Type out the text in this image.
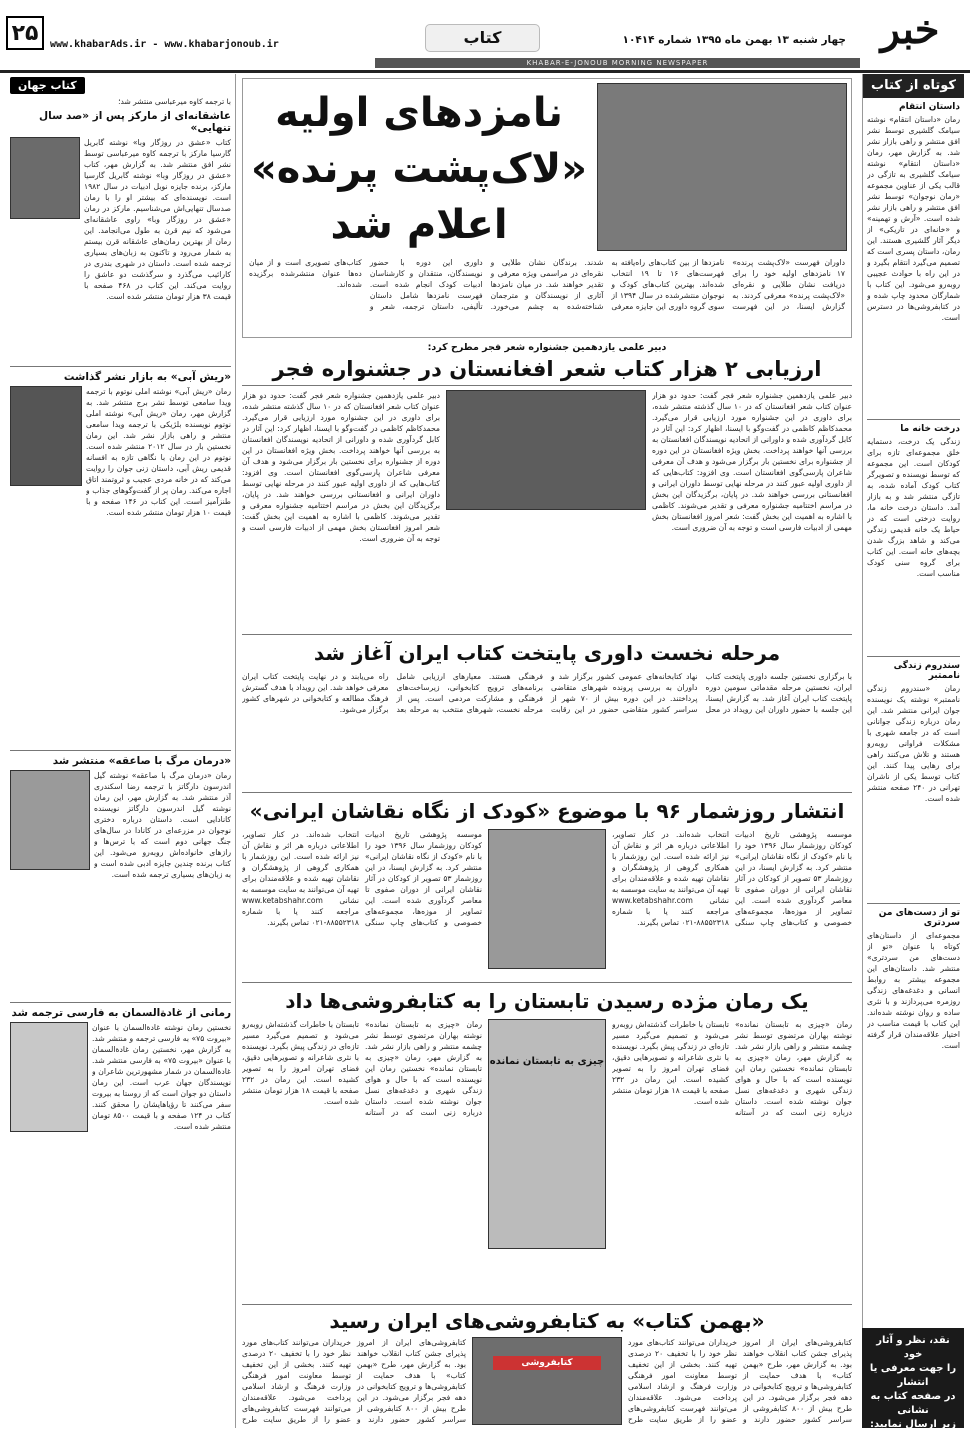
۲۵	www.khabarAds.ir - www.khabarjonoub.ir	کتاب	چهار شنبه ۱۳ بهمن ماه ۱۳۹۵ شماره ۱۰۴۱۴ خبر
KHABAR-E-JONOUB MORNING NEWSPAPER
کوتاه از کتاب
داستان انتقام
رمان «داستان انتقام» نوشته سیامک گلشیری توسط نشر افق منتشر و راهی بازار نشر شد. به گزارش مهر، رمان «داستان انتقام» نوشته سیامک گلشیری به تازگی در قالب یکی از عناوین مجموعه «رمان نوجوان» توسط نشر افق منتشر و راهی بازار نشر شده است. «آرش و تهمینه» و «خانه‌ای در تاریکی» از دیگر آثار گلشیری هستند. این رمان، داستان پسری است که تصمیم می‌گیرد انتقام بگیرد و در این راه با حوادث عجیبی روبه‌رو می‌شود. این کتاب با شمارگان محدود چاپ شده و در کتابفروشی‌ها در دسترس است.
درخت خانه ما
زندگی یک درخت، دستمایه خلق مجموعه‌ای تازه برای کودکان است. این مجموعه که توسط نویسنده و تصویرگر کتاب کودک آماده شده، به تازگی منتشر شد و به بازار آمد. داستان درخت خانه ما، روایت درختی است که در حیاط یک خانه قدیمی زندگی می‌کند و شاهد بزرگ شدن بچه‌های خانه است. این کتاب برای گروه سنی کودک مناسب است.
سندروم زندگی ناممتبر
رمان «سندروم زندگی ناممتبر» نوشته یک نویسنده جوان ایرانی منتشر شد. این رمان درباره زندگی جوانانی است که در جامعه شهری با مشکلات فراوانی روبه‌رو هستند و تلاش می‌کنند راهی برای رهایی پیدا کنند. این کتاب توسط یکی از ناشران تهرانی در ۲۴۰ صفحه منتشر شده است.
تو از دست‌های من سردتری
مجموعه‌ای از داستان‌های کوتاه با عنوان «تو از دست‌های من سردتری» منتشر شد. داستان‌های این مجموعه بیشتر به روابط انسانی و دغدغه‌های زندگی روزمره می‌پردازند و با نثری ساده و روان نوشته شده‌اند. این کتاب با قیمت مناسب در اختیار علاقه‌مندان قرار گرفته است.
نقد، نظر و آثار خود
را جهت معرفی یا انتشار
در صفحه کتاب به نشانی
زیر ارسال نمایید:
ketab@khabarads.com
کتاب جهان
با ترجمه کاوه میرعباسی منتشر شد؛
عاشقانه‌ای از مارکز پس از «صد سال تنهایی»
کتاب «عشق در روزگار وبا» نوشته گابریل گارسیا مارکز با ترجمه کاوه میرعباسی توسط نشر افق منتشر شد. به گزارش مهر، کتاب «عشق در روزگار وبا» نوشته گابریل گارسیا مارکز، برنده جایزه نوبل ادبیات در سال ۱۹۸۲ است. نویسنده‌ای که بیشتر او را با رمان صدسال تنهایی‌اش می‌شناسیم. مارکز در رمان «عشق در روزگار وبا» راوی عاشقانه‌ای می‌شود که نیم قرن به طول می‌انجامد. این رمان از بهترین رمان‌های عاشقانه قرن بیستم به شمار می‌رود و تاکنون به زبان‌های بسیاری ترجمه شده است. داستان در شهری بندری در کارائیب می‌گذرد و سرگذشت دو عاشق را روایت می‌کند. این کتاب در ۴۶۸ صفحه با قیمت ۳۸ هزار تومان منتشر شده است.
«ریش آبی» به بازار نشر گذاشت
رمان «ریش آبی» نوشته املی نوتوم با ترجمه ویدا سامعی توسط نشر برج منتشر شد. به گزارش مهر، رمان «ریش آبی» نوشته املی نوتوم نویسنده بلژیکی با ترجمه ویدا سامعی منتشر و راهی بازار نشر شد. این رمان نخستین بار در سال ۲۰۱۲ منتشر شده است. نوتوم در این رمان با نگاهی تازه به افسانه قدیمی ریش آبی، داستان زنی جوان را روایت می‌کند که در خانه مردی عجیب و ثروتمند اتاق اجاره می‌کند. رمان پر از گفت‌وگوهای جذاب و طنزآمیز است. این کتاب در ۱۴۶ صفحه و با قیمت ۱۰ هزار تومان منتشر شده است.
«درمان مرگ با صاعقه» منتشر شد
رمان «درمان مرگ با صاعقه» نوشته گیل اندرسون دارگاتز با ترجمه رضا اسکندری آذر منتشر شد. به گزارش مهر، این رمان نوشته گیل اندرسون دارگاتز نویسنده کانادایی است. داستان درباره دختری نوجوان در مزرعه‌ای در کانادا در سال‌های جنگ جهانی دوم است که با ترس‌ها و رازهای خانواده‌اش روبه‌رو می‌شود. این کتاب برنده چندین جایزه ادبی شده است و به زبان‌های بسیاری ترجمه شده است.
رمانی از غادةالسمان به فارسی ترجمه شد
نخستین رمان نوشته غادةالسمان با عنوان «بیروت ۷۵» به فارسی ترجمه و منتشر شد. به گزارش مهر، نخستین رمان غادةالسمان با عنوان «بیروت ۷۵» به فارسی منتشر شد. غادةالسمان در شمار مشهورترین شاعران و نویسندگان جهان عرب است. این رمان داستان دو جوان است که از روستا به بیروت سفر می‌کنند تا رؤیاهایشان را محقق کنند. کتاب در ۱۲۴ صفحه و با قیمت ۸۵۰۰ تومان منتشر شده است.
نامزدهای اولیه
«لاک‌پشت پرنده»
اعلام شد
داوران فهرست «لاک‌پشت پرنده» ۱۷ نامزدهای اولیه خود را برای دریافت نشان طلایی و نقره‌ای «لاک‌پشت پرنده» معرفی کردند. به گزارش ایسنا، در این فهرست نامزدها از بین کتاب‌های راه‌یافته به فهرست‌های ۱۶ تا ۱۹ انتخاب شده‌اند. بهترین کتاب‌های کودک و نوجوان منتشرشده در سال ۱۳۹۴ از سوی گروه داوری این جایزه معرفی شدند. برندگان نشان طلایی و نقره‌ای در مراسمی ویژه معرفی و تقدیر خواهند شد. در میان نامزدها آثاری از نویسندگان و مترجمان شناخته‌شده به چشم می‌خورد. داوری این دوره با حضور نویسندگان، منتقدان و کارشناسان ادبیات کودک انجام شده است. فهرست نامزدها شامل داستان تألیفی، داستان ترجمه، شعر و کتاب‌های تصویری است و از میان ده‌ها عنوان منتشرشده برگزیده شده‌اند.
دبیر علمی یازدهمین جشنواره شعر فجر مطرح کرد:
ارزیابی ۲ هزار کتاب شعر افغانستان در جشنواره فجر
دبیر علمی یازدهمین جشنواره شعر فجر گفت: حدود دو هزار عنوان کتاب شعر افغانستان که در ۱۰ سال گذشته منتشر شده، برای داوری در این جشنواره مورد ارزیابی قرار می‌گیرد. محمدکاظم کاظمی در گفت‌وگو با ایسنا، اظهار کرد: این آثار در کابل گردآوری شده و داورانی از اتحادیه نویسندگان افغانستان به بررسی آنها خواهند پرداخت. بخش ویژه افغانستان در این دوره از جشنواره برای نخستین بار برگزار می‌شود و هدف آن معرفی شاعران پارسی‌گوی افغانستان است. وی افزود: کتاب‌هایی که از داوری اولیه عبور کنند در مرحله نهایی توسط داوران ایرانی و افغانستانی بررسی خواهند شد. در پایان، برگزیدگان این بخش در مراسم اختتامیه جشنواره معرفی و تقدیر می‌شوند. کاظمی با اشاره به اهمیت این بخش گفت: شعر امروز افغانستان بخش مهمی از ادبیات فارسی است و توجه به آن ضروری است.
دبیر علمی یازدهمین جشنواره شعر فجر گفت: حدود دو هزار عنوان کتاب شعر افغانستان که در ۱۰ سال گذشته منتشر شده، برای داوری در این جشنواره مورد ارزیابی قرار می‌گیرد. محمدکاظم کاظمی در گفت‌وگو با ایسنا، اظهار کرد: این آثار در کابل گردآوری شده و داورانی از اتحادیه نویسندگان افغانستان به بررسی آنها خواهند پرداخت. بخش ویژه افغانستان در این دوره از جشنواره برای نخستین بار برگزار می‌شود و هدف آن معرفی شاعران پارسی‌گوی افغانستان است. وی افزود: کتاب‌هایی که از داوری اولیه عبور کنند در مرحله نهایی توسط داوران ایرانی و افغانستانی بررسی خواهند شد. در پایان، برگزیدگان این بخش در مراسم اختتامیه جشنواره معرفی و تقدیر می‌شوند. کاظمی با اشاره به اهمیت این بخش گفت: شعر امروز افغانستان بخش مهمی از ادبیات فارسی است و توجه به آن ضروری است.
مرحله نخست داوری پایتخت کتاب ایران آغاز شد
با برگزاری نخستین جلسه داوری پایتخت کتاب ایران، نخستین مرحله مقدماتی سومین دوره پایتخت کتاب ایران آغاز شد. به گزارش ایسنا، این جلسه با حضور داوران این رویداد در محل نهاد کتابخانه‌های عمومی کشور برگزار شد و داوران به بررسی پرونده شهرهای متقاضی پرداختند. در این دوره بیش از ۷۰ شهر از سراسر کشور متقاضی حضور در این رقابت فرهنگی هستند. معیارهای ارزیابی شامل برنامه‌های ترویج کتابخوانی، زیرساخت‌های فرهنگی و مشارکت مردمی است. پس از مرحله نخست، شهرهای منتخب به مرحله بعد راه می‌یابند و در نهایت پایتخت کتاب ایران معرفی خواهد شد. این رویداد با هدف گسترش فرهنگ مطالعه و کتابخوانی در شهرهای کشور برگزار می‌شود.
انتشار روزشمار ۹۶ با موضوع «کودک از نگاه نقاشان ایرانی»
موسسه پژوهشی تاریخ ادبیات کودکان روزشمار سال ۱۳۹۶ خود را با نام «کودک از نگاه نقاشان ایرانی» منتشر کرد. به گزارش ایسنا، در این روزشمار ۵۳ تصویر از کودکان در آثار نقاشان ایرانی از دوران صفوی تا معاصر گردآوری شده است. این تصاویر از موزه‌ها، مجموعه‌های خصوصی و کتاب‌های چاپ سنگی انتخاب شده‌اند. در کنار تصاویر، اطلاعاتی درباره هر اثر و نقاش آن نیز ارائه شده است. این روزشمار با همکاری گروهی از پژوهشگران و نقاشان تهیه شده و علاقه‌مندان برای تهیه آن می‌توانند به سایت موسسه به نشانی www.ketabshahr.com مراجعه کنند یا با شماره ۸۸۵۵۲۳۱۸-۰۲۱ تماس بگیرند.
موسسه پژوهشی تاریخ ادبیات کودکان روزشمار سال ۱۳۹۶ خود را با نام «کودک از نگاه نقاشان ایرانی» منتشر کرد. به گزارش ایسنا، در این روزشمار ۵۳ تصویر از کودکان در آثار نقاشان ایرانی از دوران صفوی تا معاصر گردآوری شده است. این تصاویر از موزه‌ها، مجموعه‌های خصوصی و کتاب‌های چاپ سنگی انتخاب شده‌اند. در کنار تصاویر، اطلاعاتی درباره هر اثر و نقاش آن نیز ارائه شده است. این روزشمار با همکاری گروهی از پژوهشگران و نقاشان تهیه شده و علاقه‌مندان برای تهیه آن می‌توانند به سایت موسسه به نشانی www.ketabshahr.com مراجعه کنند یا با شماره ۸۸۵۵۲۳۱۸-۰۲۱ تماس بگیرند.
یک رمان مژده رسیدن تابستان را به کتابفروشی‌ها داد
رمان «چیزی به تابستان نمانده» نوشته بهاران مرتضوی توسط نشر چشمه منتشر و راهی بازار نشر شد. به گزارش مهر، رمان «چیزی به تابستان نمانده» نخستین رمان این نویسنده است که با حال و هوای زندگی شهری و دغدغه‌های نسل جوان نوشته شده است. داستان درباره زنی است که در آستانه تابستان با خاطرات گذشته‌اش روبه‌رو می‌شود و تصمیم می‌گیرد مسیر تازه‌ای در زندگی پیش بگیرد. نویسنده با نثری شاعرانه و تصویرهایی دقیق، فضای تهران امروز را به تصویر کشیده است. این رمان در ۲۳۲ صفحه با قیمت ۱۸ هزار تومان منتشر شده است.
چیزی به تابستان نمانده
رمان «چیزی به تابستان نمانده» نوشته بهاران مرتضوی توسط نشر چشمه منتشر و راهی بازار نشر شد. به گزارش مهر، رمان «چیزی به تابستان نمانده» نخستین رمان این نویسنده است که با حال و هوای زندگی شهری و دغدغه‌های نسل جوان نوشته شده است. داستان درباره زنی است که در آستانه تابستان با خاطرات گذشته‌اش روبه‌رو می‌شود و تصمیم می‌گیرد مسیر تازه‌ای در زندگی پیش بگیرد. نویسنده با نثری شاعرانه و تصویرهایی دقیق، فضای تهران امروز را به تصویر کشیده است. این رمان در ۲۳۲ صفحه با قیمت ۱۸ هزار تومان منتشر شده است.
«بهمن کتاب» به کتابفروشی‌های ایران رسید
کتابفروشی‌های ایران از امروز پذیرای جشن کتاب انقلاب خواهند بود. به گزارش مهر، طرح «بهمن کتاب» با هدف حمایت از کتابفروشی‌ها و ترویج کتابخوانی در دهه فجر برگزار می‌شود. در این طرح بیش از ۸۰۰ کتابفروشی از سراسر کشور حضور دارند و خریداران می‌توانند کتاب‌های مورد نظر خود را با تخفیف ۲۰ درصدی تهیه کنند. بخشی از این تخفیف توسط معاونت امور فرهنگی وزارت فرهنگ و ارشاد اسلامی پرداخت می‌شود. علاقه‌مندان می‌توانند فهرست کتابفروشی‌های عضو را از طریق سایت طرح
کتابفروشی
کتابفروشی‌های ایران از امروز پذیرای جشن کتاب انقلاب خواهند بود. به گزارش مهر، طرح «بهمن کتاب» با هدف حمایت از کتابفروشی‌ها و ترویج کتابخوانی در دهه فجر برگزار می‌شود. در این طرح بیش از ۸۰۰ کتابفروشی از سراسر کشور حضور دارند و خریداران می‌توانند کتاب‌های مورد نظر خود را با تخفیف ۲۰ درصدی تهیه کنند. بخشی از این تخفیف توسط معاونت امور فرهنگی وزارت فرهنگ و ارشاد اسلامی پرداخت می‌شود. علاقه‌مندان می‌توانند فهرست کتابفروشی‌های عضو را از طریق سایت طرح
